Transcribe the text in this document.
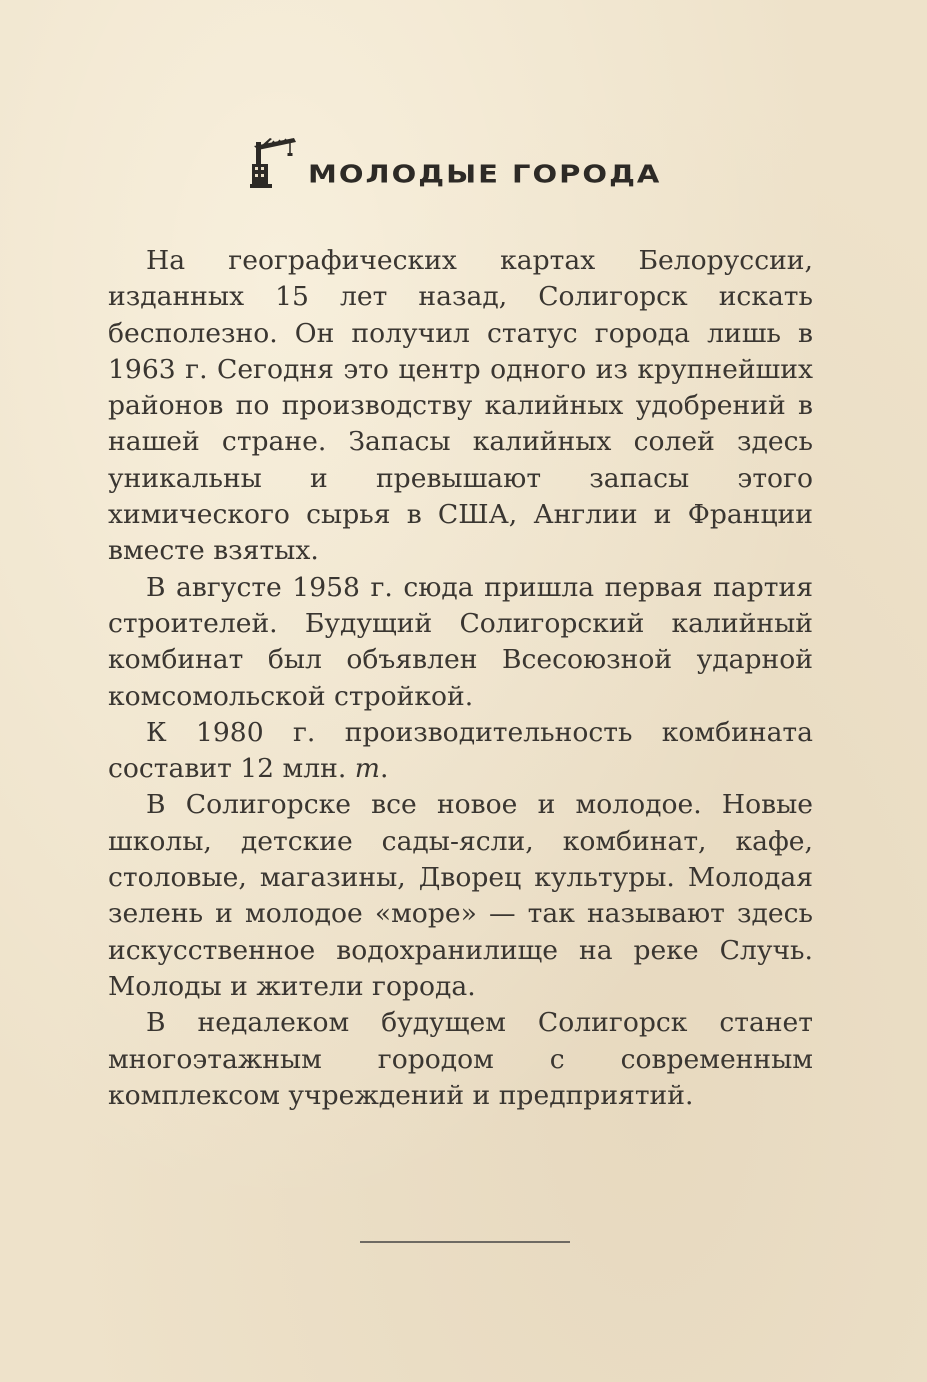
МОЛОДЫЕ ГОРОДА

На географических картах Белоруссии, изданных 15 лет назад, Солигорск искать бесполезно. Он получил статус города лишь в 1963 г. Сегодня это центр одного из крупнейших районов по производству калийных удобрений в нашей стране. Запасы калийных солей здесь уникальны и превышают запасы этого химического сырья в США, Англии и Франции вместе взятых.

В августе 1958 г. сюда пришла первая партия строителей. Будущий Солигорский калийный комбинат был объявлен Всесоюзной ударной комсомольской стройкой.

К 1980 г. производительность комбината составит 12 млн. т.

В Солигорске все новое и молодое. Новые школы, детские сады-ясли, комбинат, кафе, столовые, магазины, Дворец культуры. Молодая зелень и молодое «море» — так называют здесь искусственное водохранилище на реке Случь. Молоды и жители города.

В недалеком будущем Солигорск станет многоэтажным городом с современным комплексом учреждений и предприятий.
